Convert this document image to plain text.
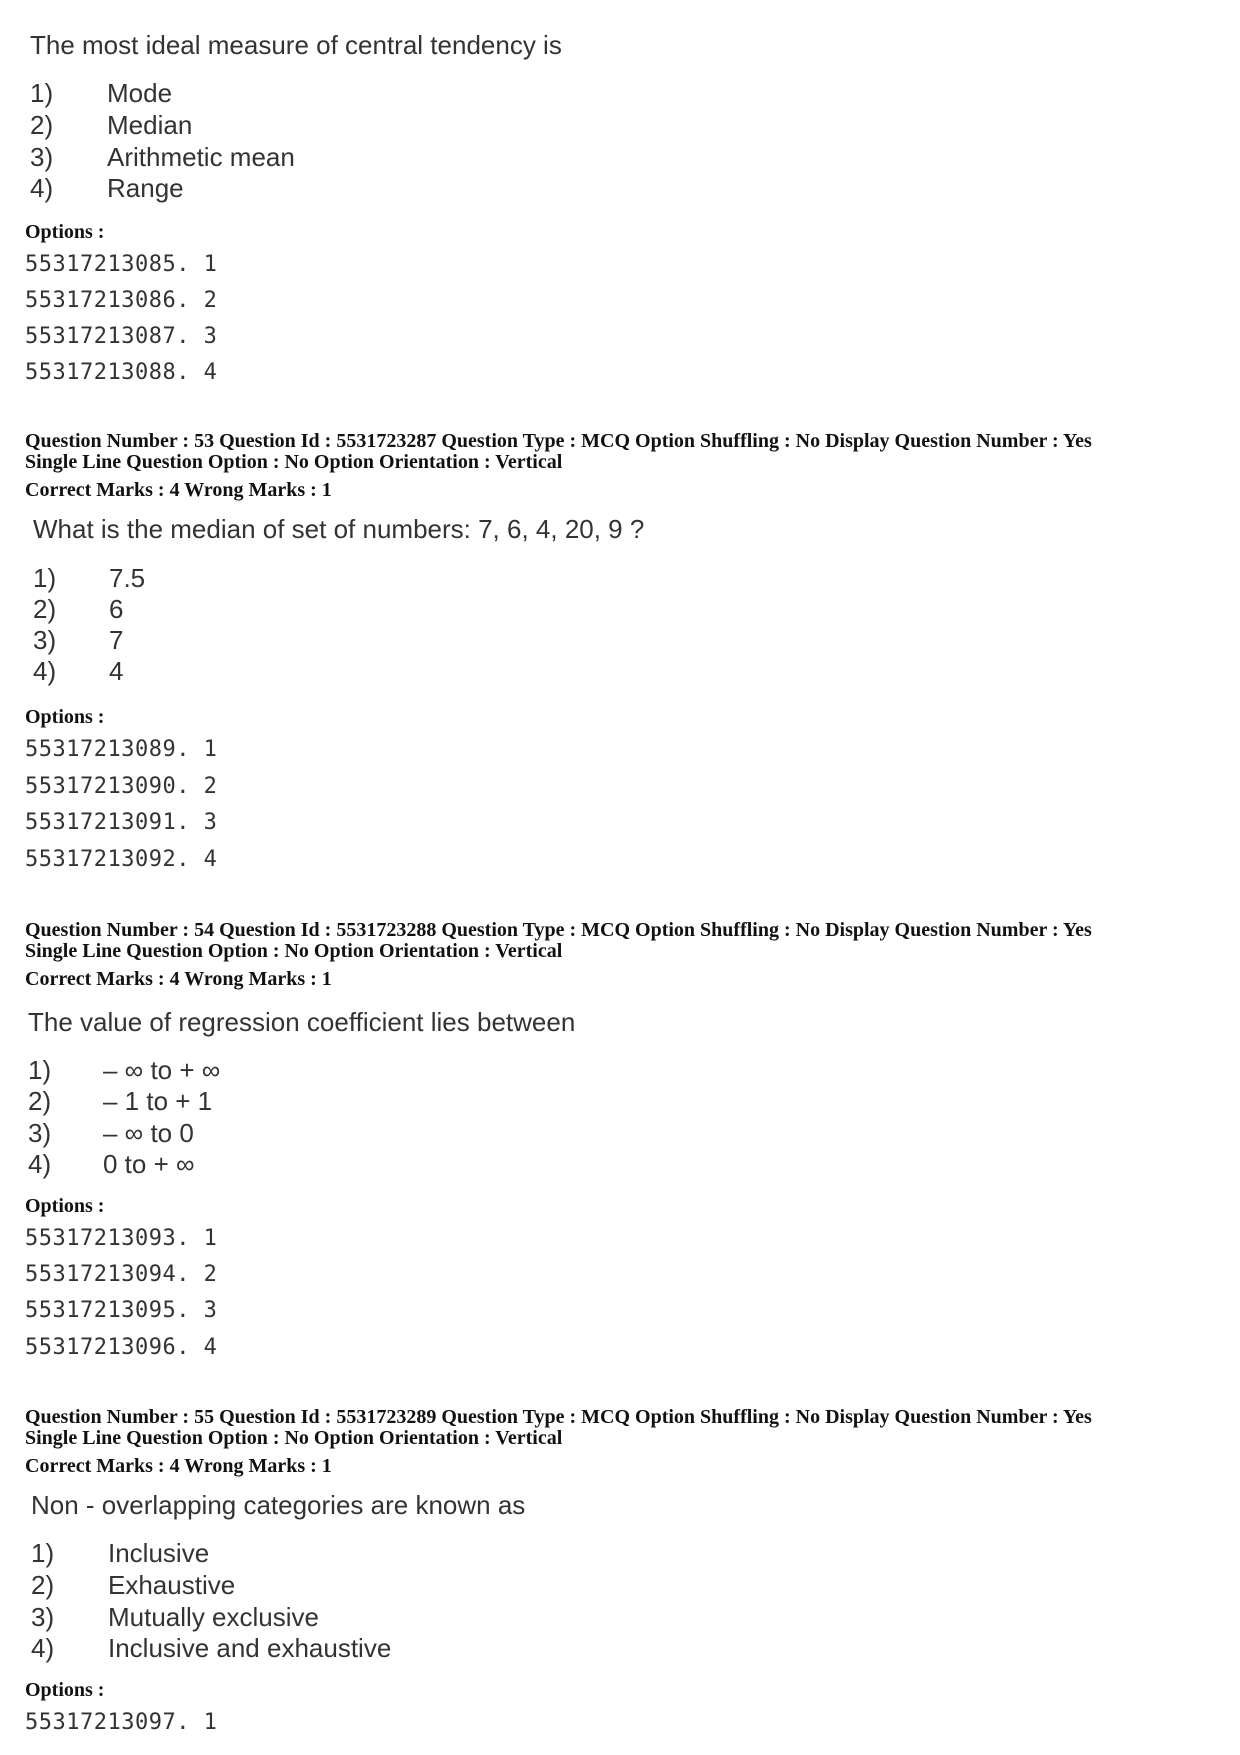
The most ideal measure of central tendency is
1) Mode
2) Median
3) Arithmetic mean
4) Range
Options :
55317213085. 1
55317213086. 2
55317213087. 3
55317213088. 4
Question Number : 53 Question Id : 5531723287 Question Type : MCQ Option Shuffling : No Display Question Number : Yes
Single Line Question Option : No Option Orientation : Vertical
Correct Marks : 4 Wrong Marks : 1
What is the median of set of numbers: 7, 6, 4, 20, 9 ?
1) 7.5
2) 6
3) 7
4) 4
Options :
55317213089. 1
55317213090. 2
55317213091. 3
55317213092. 4
Question Number : 54 Question Id : 5531723288 Question Type : MCQ Option Shuffling : No Display Question Number : Yes
Single Line Question Option : No Option Orientation : Vertical
Correct Marks : 4 Wrong Marks : 1
The value of regression coefficient lies between
1) – ∞ to + ∞
2) – 1 to + 1
3) – ∞ to 0
4) 0 to + ∞
Options :
55317213093. 1
55317213094. 2
55317213095. 3
55317213096. 4
Question Number : 55 Question Id : 5531723289 Question Type : MCQ Option Shuffling : No Display Question Number : Yes
Single Line Question Option : No Option Orientation : Vertical
Correct Marks : 4 Wrong Marks : 1
Non - overlapping categories are known as
1) Inclusive
2) Exhaustive
3) Mutually exclusive
4) Inclusive and exhaustive
Options :
55317213097. 1
